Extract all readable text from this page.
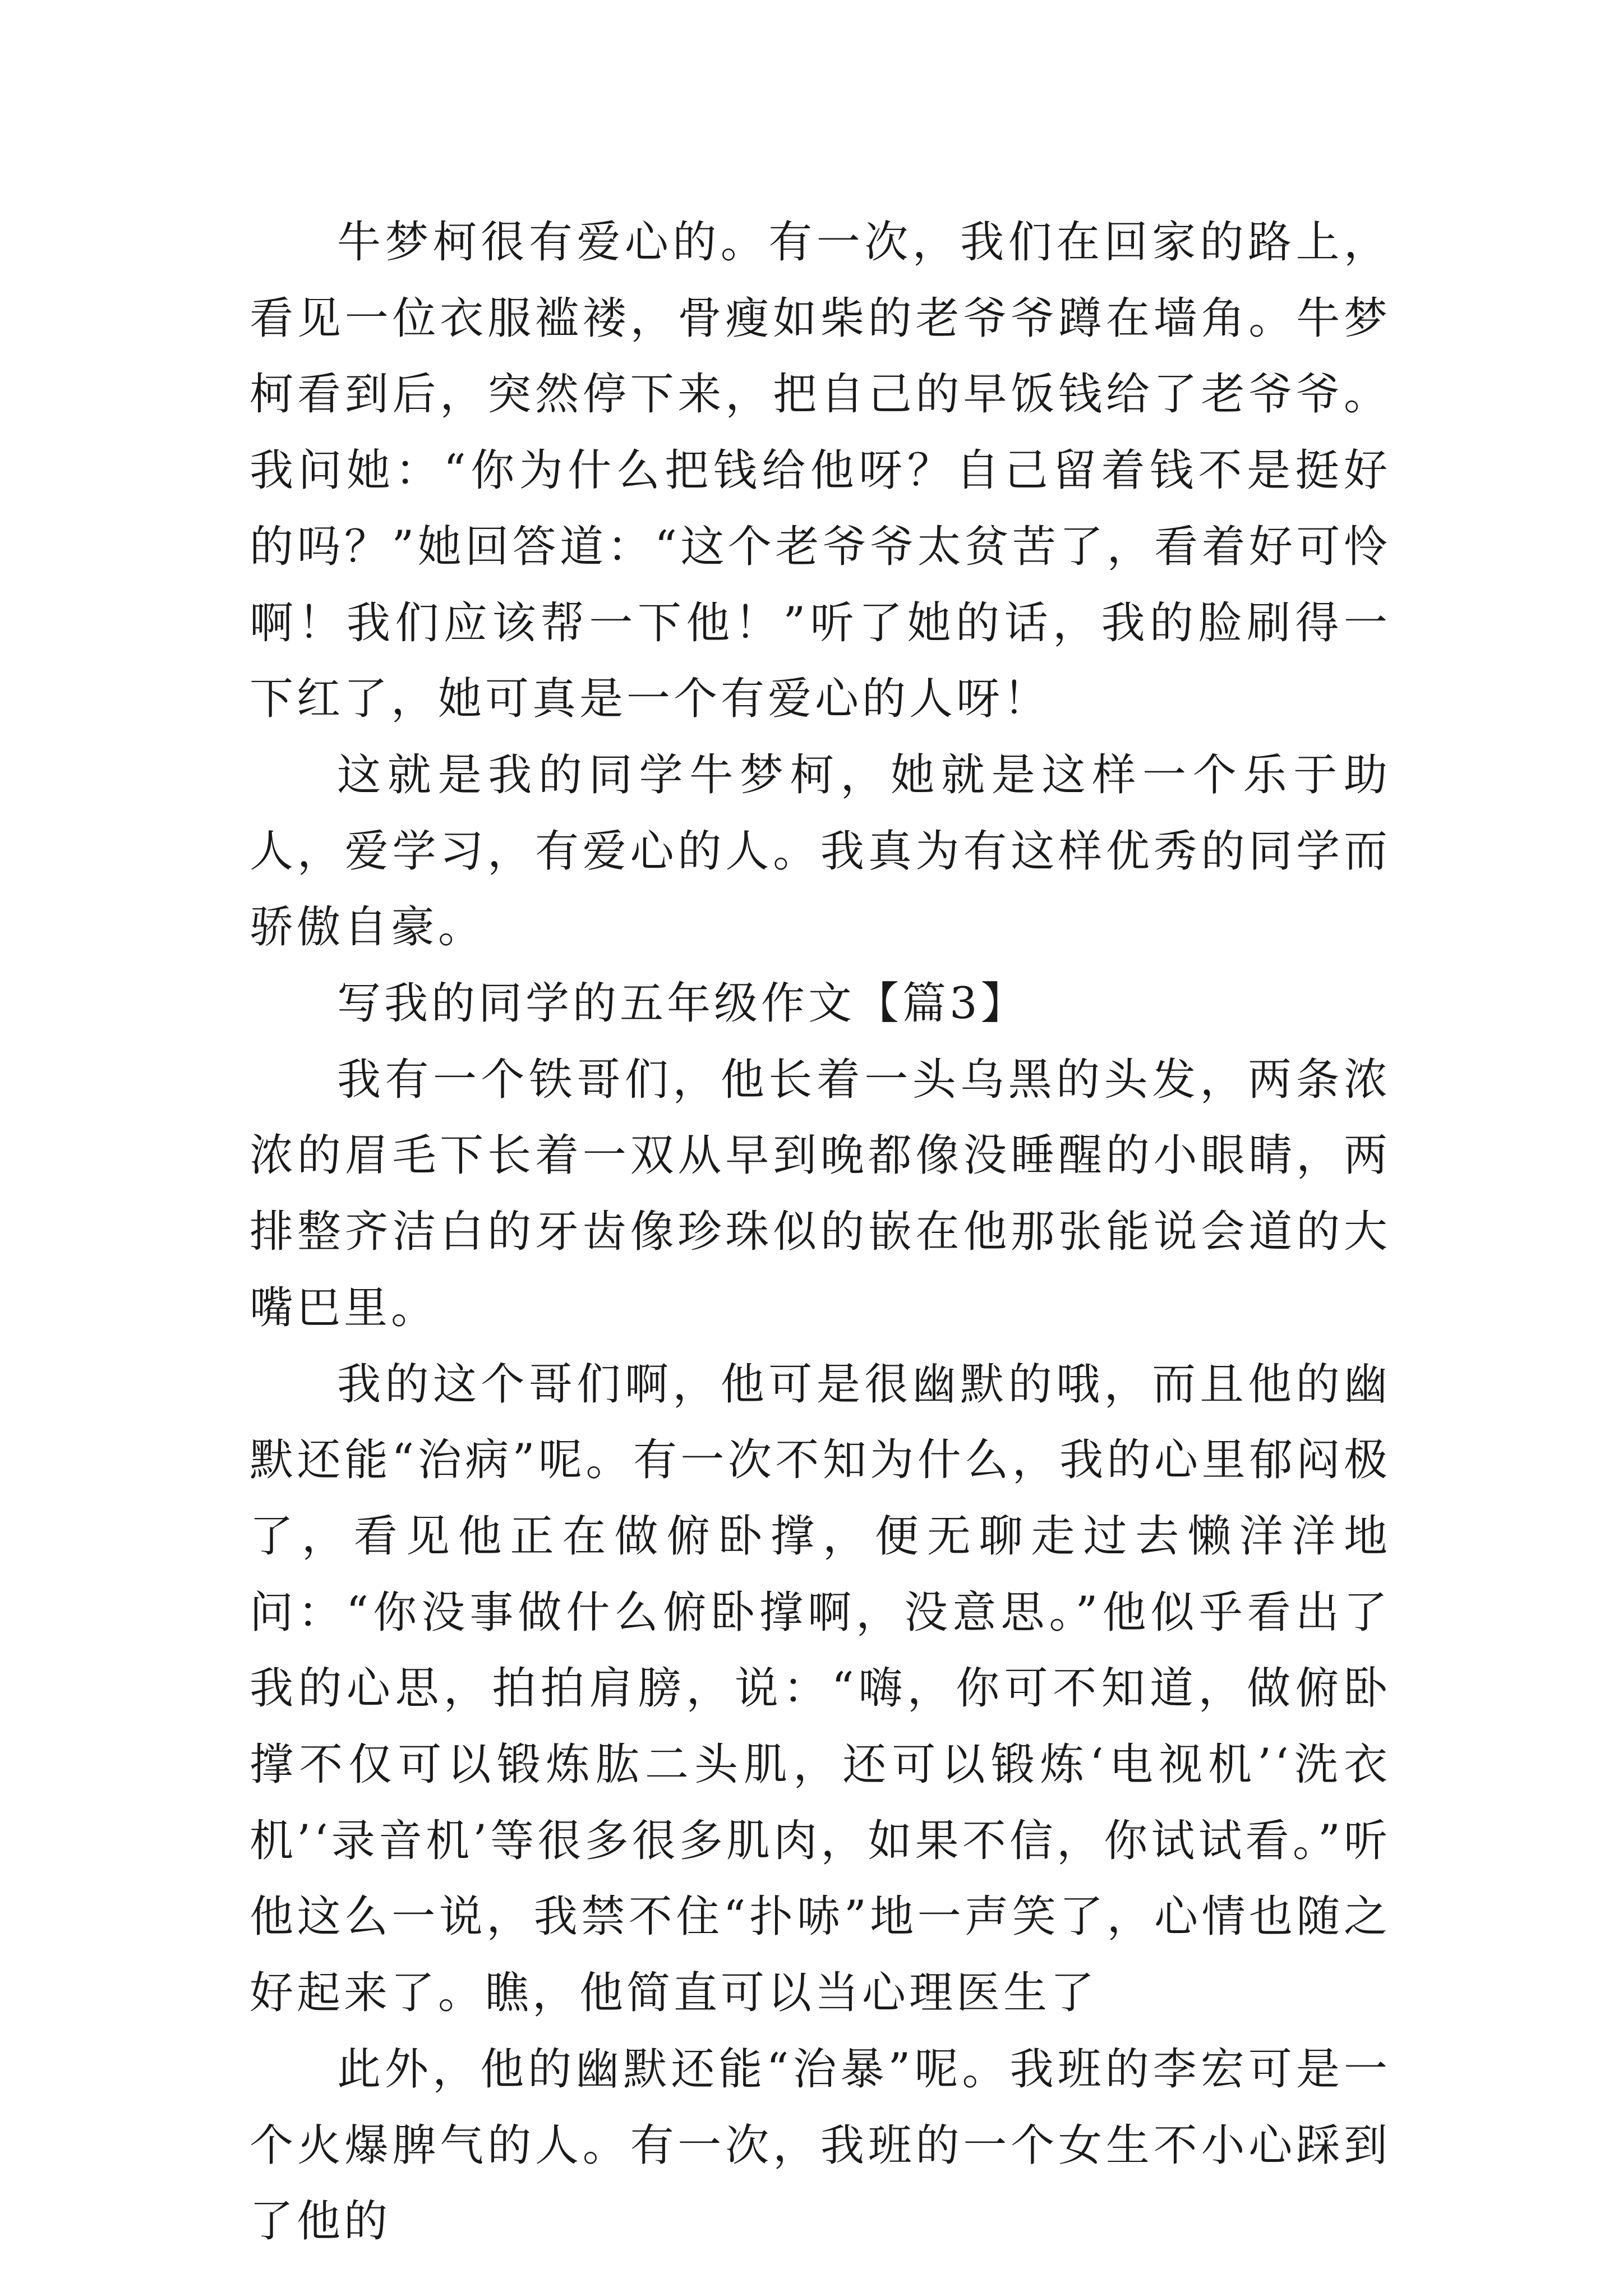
牛梦柯很有爱心的。有一次，我们在回家的路上，看见一位衣服褴褛，骨瘦如柴的老爷爷蹲在墙角。牛梦柯看到后，突然停下来，把自己的早饭钱给了老爷爷。我问她：“你为什么把钱给他呀？自己留着钱不是挺好的吗？”她回答道：“这个老爷爷太贫苦了，看着好可怜啊！我们应该帮一下他！”听了她的话，我的脸刷得一下红了，她可真是一个有爱心的人呀！

这就是我的同学牛梦柯，她就是这样一个乐于助人，爱学习，有爱心的人。我真为有这样优秀的同学而骄傲自豪。

写我的同学的五年级作文【篇3】

我有一个铁哥们，他长着一头乌黑的头发，两条浓浓的眉毛下长着一双从早到晚都像没睡醒的小眼睛，两排整齐洁白的牙齿像珍珠似的嵌在他那张能说会道的大嘴巴里。

我的这个哥们啊，他可是很幽默的哦，而且他的幽默还能“治病”呢。有一次不知为什么，我的心里郁闷极了，看见他正在做俯卧撑，便无聊走过去懒洋洋地问：“你没事做什么俯卧撑啊，没意思。”他似乎看出了我的心思，拍拍肩膀，说：“嗨，你可不知道，做俯卧撑不仅可以锻炼肱二头肌，还可以锻炼‘电视机’‘洗衣机’‘录音机’等很多很多肌肉，如果不信，你试试看。”听他这么一说，我禁不住“扑哧”地一声笑了，心情也随之好起来了。瞧，他简直可以当心理医生了

此外，他的幽默还能“治暴”呢。我班的李宏可是一个火爆脾气的人。有一次，我班的一个女生不小心踩到了他的
